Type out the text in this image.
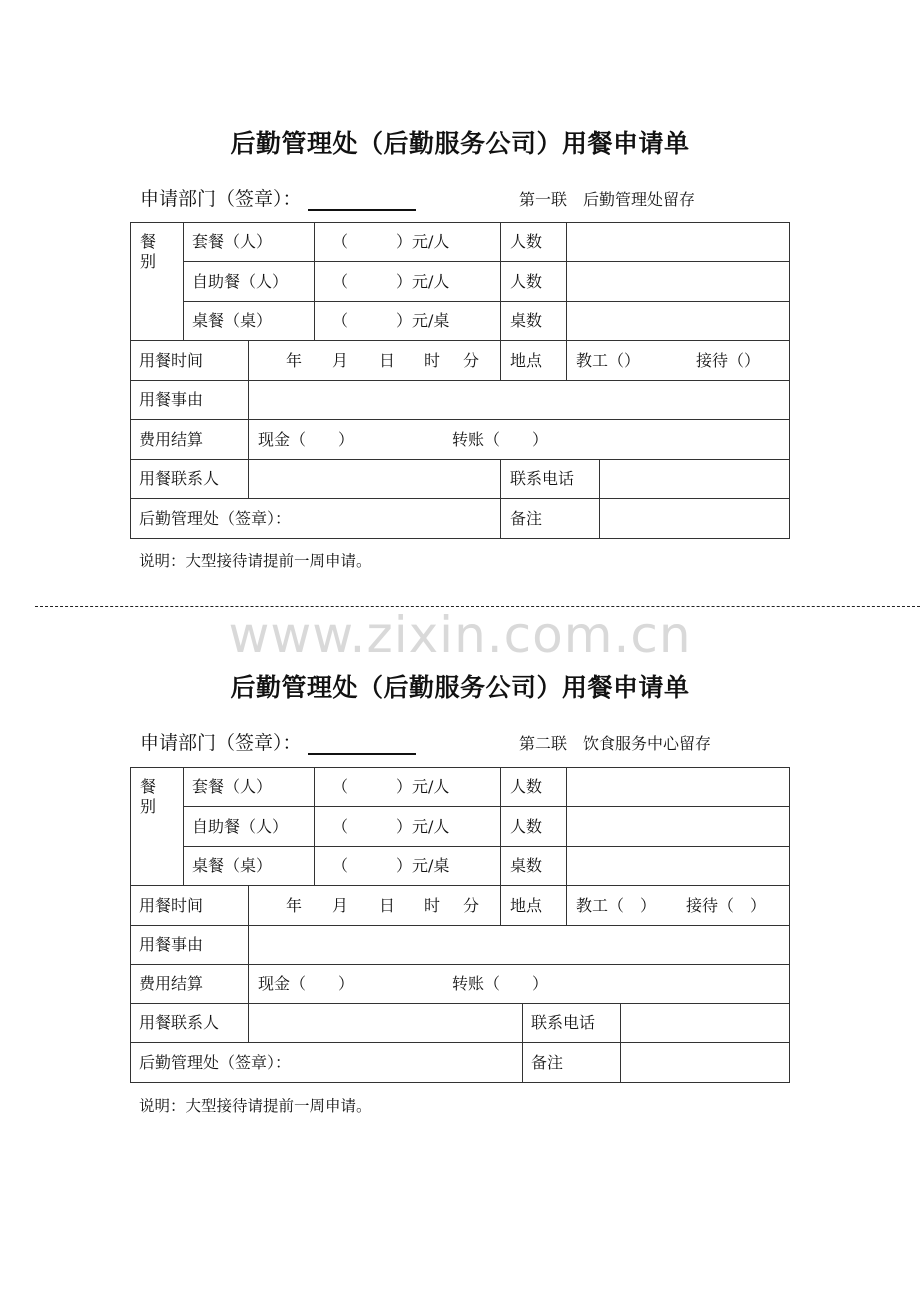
后勤管理处（后勤服务公司）用餐申请单
申请部门（签章）：	第一联　后勤管理处留存
餐
别
套餐（人）	（　　　）元/人	人数
自助餐（人）	（　　　）元/人	人数
桌餐（桌）	（　　　）元/桌	桌数
用餐时间	年 月 日 时 分 地点 教工（）	接待（）
用餐事由
费用结算	现金（　　）	转账（　　）
用餐联系人	联系电话
后勤管理处（签章）：	备注
说明：大型接待请提前一周申请。
www.zixin.com.cn
后勤管理处（后勤服务公司）用餐申请单
申请部门（签章）：	第二联　饮食服务中心留存
餐
别
套餐（人）	（　　　）元/人	人数
自助餐（人）	（　　　）元/人	人数
桌餐（桌）	（　　　）元/桌	桌数
用餐时间	年 月 日 时 分 地点 教工（　） 接待（　）
用餐事由
费用结算	现金（　　）	转账（　　）
用餐联系人	联系电话
后勤管理处（签章）：	备注
说明：大型接待请提前一周申请。
